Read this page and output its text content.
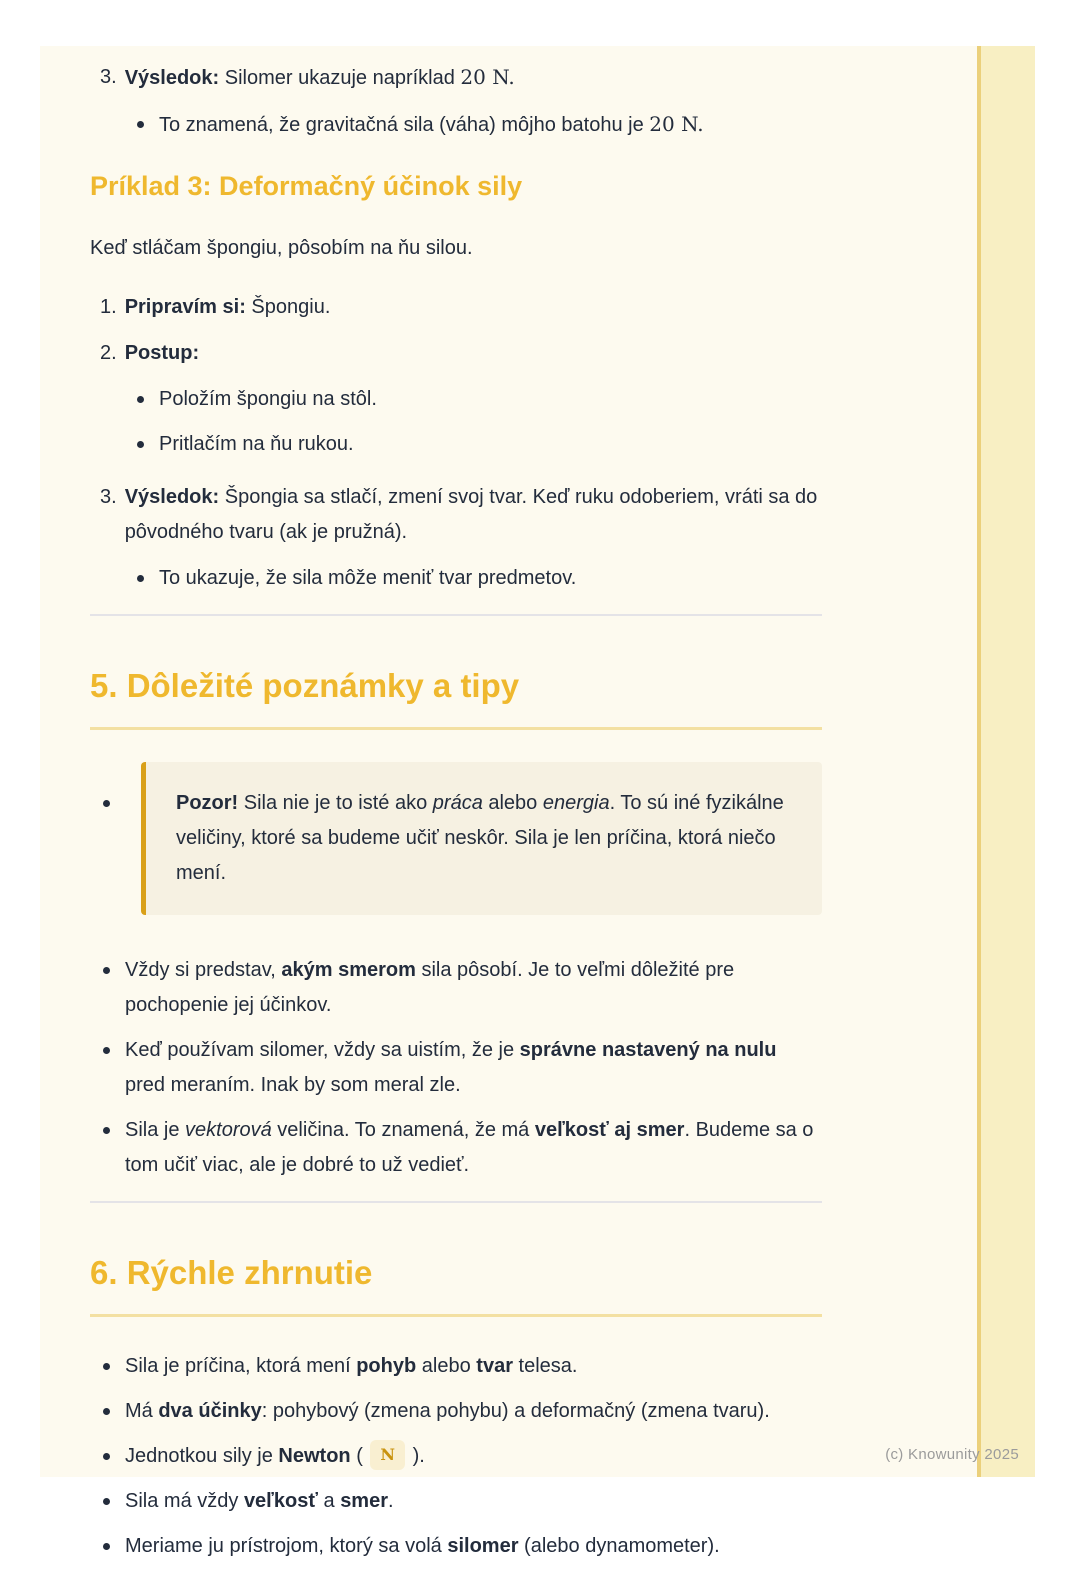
3. Výsledok: Silomer ukazuje napríklad 20 N.
To znamená, že gravitačná sila (váha) môjho batohu je 20 N.
Príklad 3: Deformačný účinok sily
Keď stláčam špongiu, pôsobím na ňu silou.
1. Pripravím si: Špongiu.
2. Postup:
Položím špongiu na stôl.
Pritlačím na ňu rukou.
3. Výsledok: Špongia sa stlačí, zmení svoj tvar. Keď ruku odoberiem, vráti sa do pôvodného tvaru (ak je pružná).
To ukazuje, že sila môže meniť tvar predmetov.
5. Dôležité poznámky a tipy
Pozor! Sila nie je to isté ako práca alebo energia. To sú iné fyzikálne veličiny, ktoré sa budeme učiť neskôr. Sila je len príčina, ktorá niečo mení.
Vždy si predstav, akým smerom sila pôsobí. Je to veľmi dôležité pre pochopenie jej účinkov.
Keď používam silomer, vždy sa uistím, že je správne nastavený na nulu pred meraním. Inak by som meral zle.
Sila je vektorová veličina. To znamená, že má veľkosť aj smer. Budeme sa o tom učiť viac, ale je dobré to už vedieť.
6. Rýchle zhrnutie
Sila je príčina, ktorá mení pohyb alebo tvar telesa.
Má dva účinky: pohybový (zmena pohybu) a deformačný (zmena tvaru).
Jednotkou sily je Newton ( N ).
Sila má vždy veľkosť a smer.
Meriame ju prístrojom, ktorý sa volá silomer (alebo dynamometer).
(c) Knowunity 2025
